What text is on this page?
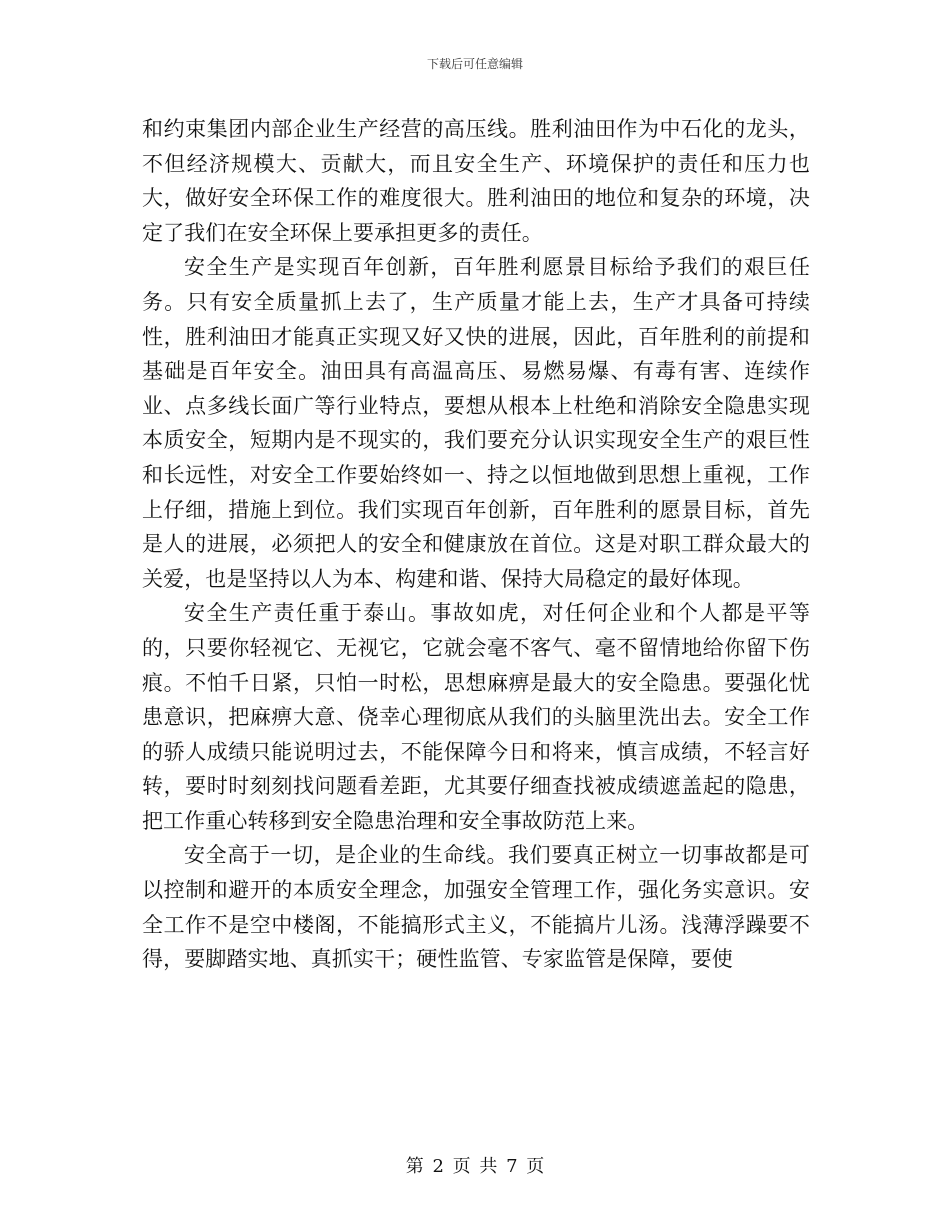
下载后可任意编辑

和约束集团内部企业生产经营的高压线。胜利油田作为中石化的龙头，不但经济规模大、贡献大，而且安全生产、环境保护的责任和压力也大，做好安全环保工作的难度很大。胜利油田的地位和复杂的环境，决定了我们在安全环保上要承担更多的责任。

安全生产是实现百年创新，百年胜利愿景目标给予我们的艰巨任务。只有安全质量抓上去了，生产质量才能上去，生产才具备可持续性，胜利油田才能真正实现又好又快的进展，因此，百年胜利的前提和基础是百年安全。油田具有高温高压、易燃易爆、有毒有害、连续作业、点多线长面广等行业特点，要想从根本上杜绝和消除安全隐患实现本质安全，短期内是不现实的，我们要充分认识实现安全生产的艰巨性和长远性，对安全工作要始终如一、持之以恒地做到思想上重视，工作上仔细，措施上到位。我们实现百年创新，百年胜利的愿景目标，首先是人的进展，必须把人的安全和健康放在首位。这是对职工群众最大的关爱，也是坚持以人为本、构建和谐、保持大局稳定的最好体现。

安全生产责任重于泰山。事故如虎，对任何企业和个人都是平等的，只要你轻视它、无视它，它就会毫不客气、毫不留情地给你留下伤痕。不怕千日紧，只怕一时松，思想麻痹是最大的安全隐患。要强化忧患意识，把麻痹大意、侥幸心理彻底从我们的头脑里洗出去。安全工作的骄人成绩只能说明过去，不能保障今日和将来，慎言成绩，不轻言好转，要时时刻刻找问题看差距，尤其要仔细查找被成绩遮盖起的隐患，把工作重心转移到安全隐患治理和安全事故防范上来。

安全高于一切，是企业的生命线。我们要真正树立一切事故都是可以控制和避开的本质安全理念，加强安全管理工作，强化务实意识。安全工作不是空中楼阁，不能搞形式主义，不能搞片儿汤。浅薄浮躁要不得，要脚踏实地、真抓实干；硬性监管、专家监管是保障，要使

第 2 页 共 7 页
